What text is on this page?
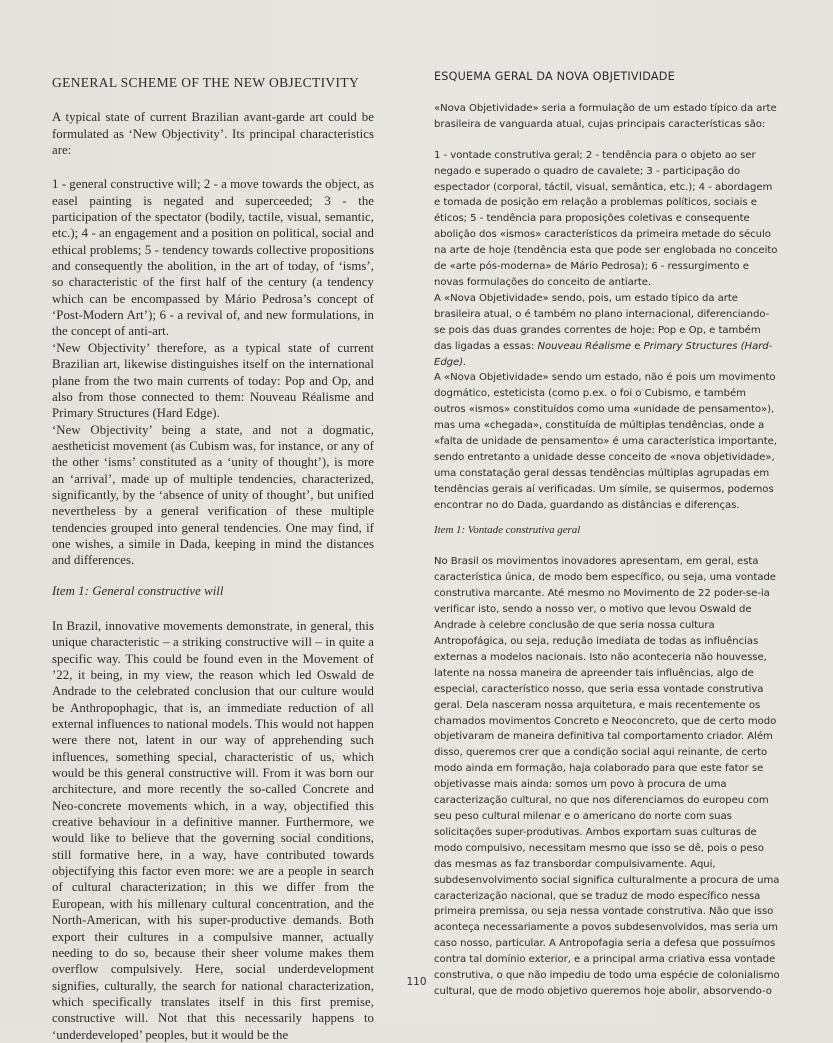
GENERAL SCHEME OF THE NEW OBJECTIVITY

A typical state of current Brazilian avant-garde art could be formulated as ‘New Objectivity’. Its principal characteristics are:

1 - general constructive will; 2 - a move towards the object, as easel painting is negated and superceeded; 3 - the participation of the spectator (bodily, tactile, visual, semantic, etc.); 4 - an engagement and a position on political, social and ethical problems; 5 - tendency towards collective propositions and consequently the abolition, in the art of today, of ‘isms’, so characteristic of the first half of the century (a tendency which can be encompassed by Mário Pedrosa’s concept of ‘Post-Modern Art’); 6 - a revival of, and new formulations, in the concept of anti-art.

‘New Objectivity’ therefore, as a typical state of current Brazilian art, likewise distinguishes itself on the international plane from the two main currents of today: Pop and Op, and also from those connected to them: Nouveau Réalisme and Primary Structures (Hard Edge).

‘New Objectivity’ being a state, and not a dogmatic, aestheticist movement (as Cubism was, for instance, or any of the other ‘isms’ constituted as a ‘unity of thought’), is more an ‘arrival’, made up of multiple tendencies, characterized, significantly, by the ‘absence of unity of thought’, but unified nevertheless by a general verification of these multiple tendencies grouped into general tendencies. One may find, if one wishes, a simile in Dada, keeping in mind the distances and differences.

Item 1: General constructive will

In Brazil, innovative movements demonstrate, in general, this unique characteristic – a striking constructive will – in quite a specific way. This could be found even in the Movement of ’22, it being, in my view, the reason which led Oswald de Andrade to the celebrated conclusion that our culture would be Anthropophagic, that is, an immediate reduction of all external influences to national models. This would not happen were there not, latent in our way of apprehending such influences, something special, characteristic of us, which would be this general constructive will. From it was born our architecture, and more recently the so-called Concrete and Neo-concrete movements which, in a way, objectified this creative behaviour in a definitive manner. Furthermore, we would like to believe that the governing social conditions, still formative here, in a way, have contributed towards objectifying this factor even more: we are a people in search of cultural characterization; in this we differ from the European, with his millenary cultural concentration, and the North-American, with his super-productive demands. Both export their cultures in a compulsive manner, actually needing to do so, because their sheer volume makes them overflow compulsively. Here, social underdevelopment signifies, culturally, the search for national characterization, which specifically translates itself in this first premise, constructive will. Not that this necessarily happens to ‘underdeveloped’ peoples, but it would be the

ESQUEMA GERAL DA NOVA OBJETIVIDADE

«Nova Objetividade» seria a formulação de um estado típico da arte brasileira de vanguarda atual, cujas principais características são:

1 - vontade construtiva geral; 2 - tendência para o objeto ao ser negado e superado o quadro de cavalete; 3 - participação do espectador (corporal, táctil, visual, semântica, etc.); 4 - abordagem e tomada de posição em relação a problemas políticos, sociais e éticos; 5 - tendência para proposições coletivas e consequente abolição dos «ismos» característicos da primeira metade do século na arte de hoje (tendência esta que pode ser englobada no conceito de «arte pós-moderna» de Mário Pedrosa); 6 - ressurgimento e novas formulações do conceito de antiarte.

A «Nova Objetividade» sendo, pois, um estado típico da arte brasileira atual, o é também no plano internacional, diferenciando-se pois das duas grandes correntes de hoje: Pop e Op, e também das ligadas a essas: Nouveau Réalisme e Primary Structures (Hard-Edge).

A «Nova Objetividade» sendo um estado, não é pois um movimento dogmático, esteticista (como p.ex. o foi o Cubismo, e também outros «ismos» constituídos como uma «unidade de pensamento»), mas uma «chegada», constituída de múltiplas tendências, onde a «falta de unidade de pensamento» é uma característica importante, sendo entretanto a unidade desse conceito de «nova objetividade», uma constatação geral dessas tendências múltiplas agrupadas em tendências gerais aí verificadas. Um símile, se quisermos, podemos encontrar no do Dada, guardando as distâncias e diferenças.

Item 1: Vontade construtiva geral

No Brasil os movimentos inovadores apresentam, em geral, esta característica única, de modo bem específico, ou seja, uma vontade construtiva marcante. Até mesmo no Movimento de 22 poder-se-ia verificar isto, sendo a nosso ver, o motivo que levou Oswald de Andrade à celebre conclusão de que seria nossa cultura Antropofágica, ou seja, redução imediata de todas as influências externas a modelos nacionais. Isto não aconteceria não houvesse, latente na nossa maneira de apreender tais influências, algo de especial, característico nosso, que seria essa vontade construtiva geral. Dela nasceram nossa arquitetura, e mais recentemente os chamados movimentos Concreto e Neoconcreto, que de certo modo objetivaram de maneira definitiva tal comportamento criador. Além disso, queremos crer que a condição social aqui reinante, de certo modo ainda em formação, haja colaborado para que este fator se objetivasse mais ainda: somos um povo à procura de uma caracterização cultural, no que nos diferenciamos do europeu com seu peso cultural milenar e o americano do norte com suas solicitações super-produtivas. Ambos exportam suas culturas de modo compulsivo, necessitam mesmo que isso se dê, pois o peso das mesmas as faz transbordar compulsivamente. Aqui, subdesenvolvimento social significa culturalmente a procura de uma caracterização nacional, que se traduz de modo específico nessa primeira premissa, ou seja nessa vontade construtiva. Não que isso aconteça necessariamente a povos subdesenvolvidos, mas seria um caso nosso, particular. A Antropofagia seria a defesa que possuímos contra tal domínio exterior, e a principal arma criativa essa vontade construtiva, o que não impediu de todo uma espécie de colonialismo cultural, que de modo objetivo queremos hoje abolir, absorvendo-o

110
